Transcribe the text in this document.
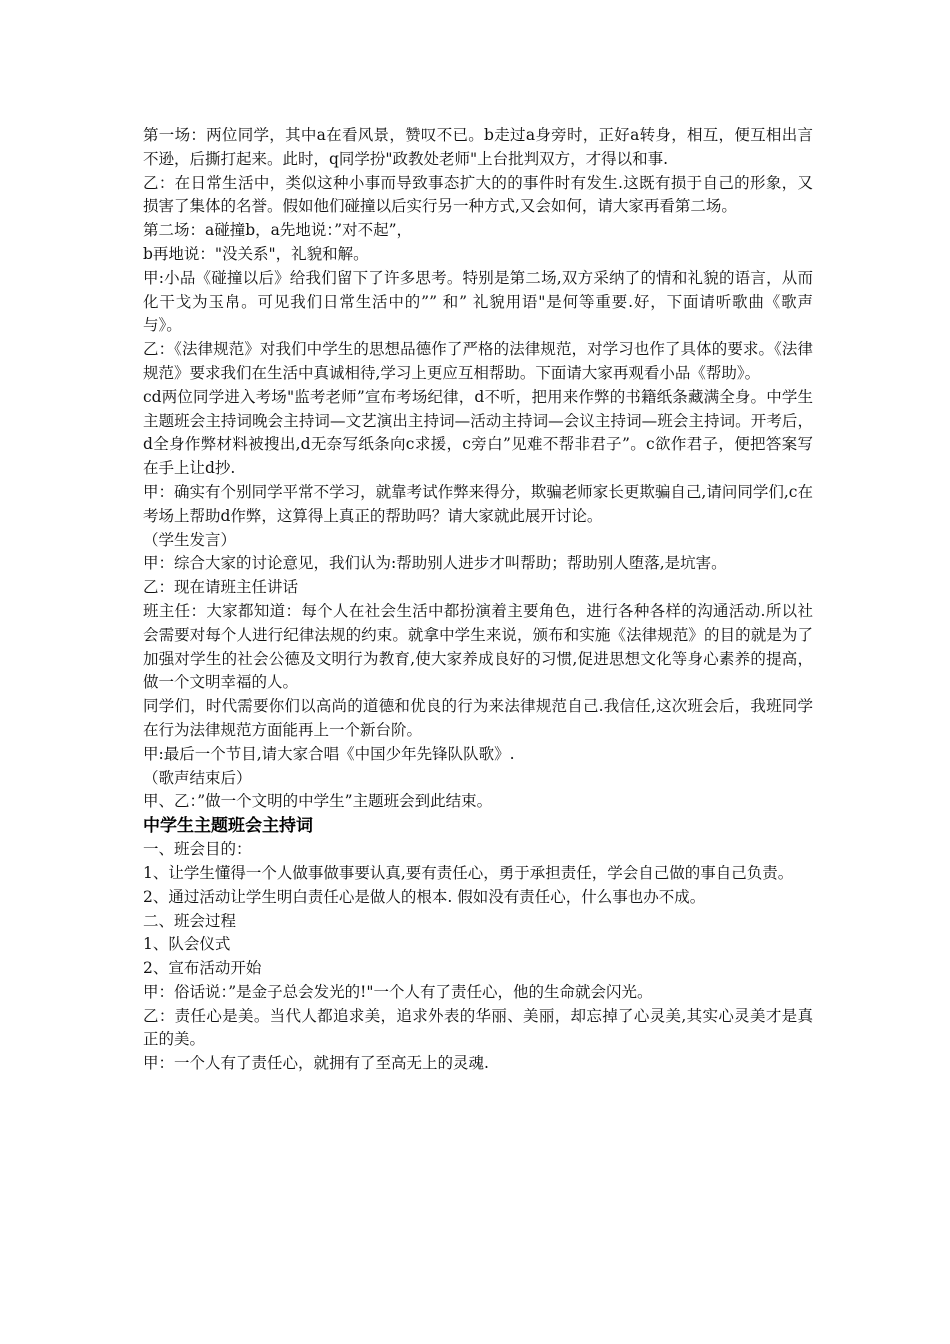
第一场：两位同学，其中a在看风景，赞叹不已。b走过a身旁时，正好a转身，相互，便互相出言不逊，后撕打起来。此时，q同学扮"政教处老师"上台批判双方，才得以和事.

乙：在日常生活中，类似这种小事而导致事态扩大的的事件时有发生.这既有损于自己的形象，又损害了集体的名誉。假如他们碰撞以后实行另一种方式,又会如何，请大家再看第二场。

第二场：a碰撞b，a先地说：”对不起”，

b再地说："没关系"，礼貌和解。

甲:小品《碰撞以后》给我们留下了许多思考。特别是第二场,双方采纳了的情和礼貌的语言，从而化干戈为玉帛。可见我们日常生活中的”” 和” 礼貌用语"是何等重要.好，下面请听歌曲《歌声与》。

乙：《法律规范》对我们中学生的思想品德作了严格的法律规范，对学习也作了具体的要求。《法律规范》要求我们在生活中真诚相待,学习上更应互相帮助。下面请大家再观看小品《帮助》。

cd两位同学进入考场"监考老师”宣布考场纪律，d不听，把用来作弊的书籍纸条藏满全身。中学生主题班会主持词晚会主持词—文艺演出主持词—活动主持词—会议主持词—班会主持词。开考后，d全身作弊材料被搜出,d无奈写纸条向c求援，c旁白”见难不帮非君子”。c欲作君子，便把答案写在手上让d抄.

甲：确实有个别同学平常不学习，就靠考试作弊来得分，欺骗老师家长更欺骗自己,请问同学们,c在考场上帮助d作弊，这算得上真正的帮助吗？请大家就此展开讨论。

（学生发言）

甲：综合大家的讨论意见，我们认为:帮助别人进步才叫帮助；帮助别人堕落,是坑害。

乙：现在请班主任讲话

班主任：大家都知道：每个人在社会生活中都扮演着主要角色，进行各种各样的沟通活动.所以社会需要对每个人进行纪律法规的约束。就拿中学生来说，颁布和实施《法律规范》的目的就是为了加强对学生的社会公德及文明行为教育,使大家养成良好的习惯,促进思想文化等身心素养的提高，做一个文明幸福的人。

同学们，时代需要你们以高尚的道德和优良的行为来法律规范自己.我信任,这次班会后，我班同学在行为法律规范方面能再上一个新台阶。

甲:最后一个节目,请大家合唱《中国少年先锋队队歌》.

（歌声结束后）

甲、乙：”做一个文明的中学生”主题班会到此结束。

中学生主题班会主持词

一、班会目的：

1、让学生懂得一个人做事做事要认真,要有责任心，勇于承担责任，学会自己做的事自己负责。

2、通过活动让学生明白责任心是做人的根本. 假如没有责任心，什么事也办不成。

二、班会过程

1、队会仪式

2、宣布活动开始

甲：俗话说：”是金子总会发光的!"一个人有了责任心，他的生命就会闪光。

乙：责任心是美。当代人都追求美，追求外表的华丽、美丽，却忘掉了心灵美,其实心灵美才是真正的美。

甲：一个人有了责任心，就拥有了至高无上的灵魂.
